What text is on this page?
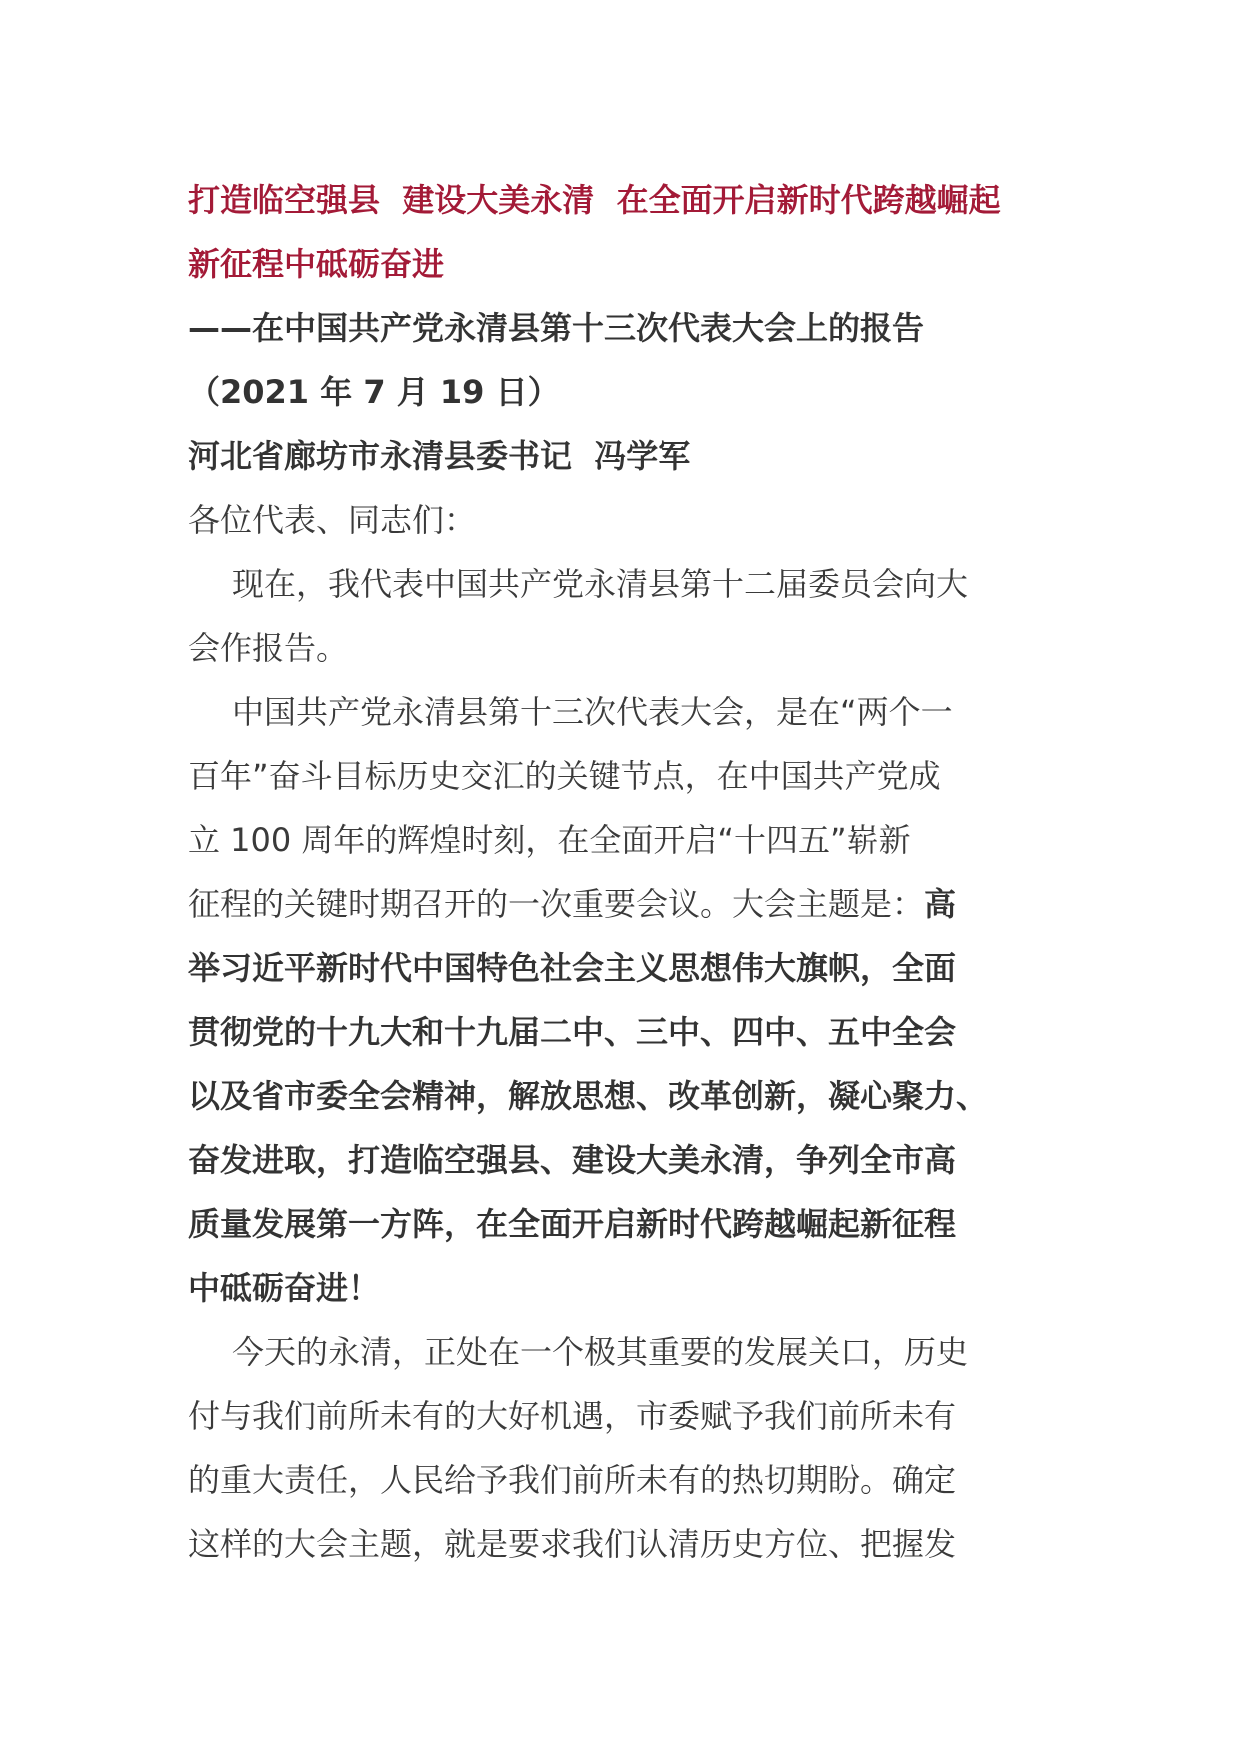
打造临空强县  建设大美永清  在全面开启新时代跨越崛起
新征程中砥砺奋进

——在中国共产党永清县第十三次代表大会上的报告

（2021 年 7 月 19 日）

河北省廊坊市永清县委书记  冯学军

各位代表、同志们：

现在，我代表中国共产党永清县第十二届委员会向大
会作报告。

中国共产党永清县第十三次代表大会，是在“两个一
百年”奋斗目标历史交汇的关键节点，在中国共产党成
立 100 周年的辉煌时刻，在全面开启“十四五”崭新
征程的关键时期召开的一次重要会议。大会主题是：高
举习近平新时代中国特色社会主义思想伟大旗帜，全面
贯彻党的十九大和十九届二中、三中、四中、五中全会
以及省市委全会精神，解放思想、改革创新，凝心聚力、
奋发进取，打造临空强县、建设大美永清，争列全市高
质量发展第一方阵，在全面开启新时代跨越崛起新征程
中砥砺奋进！

今天的永清，正处在一个极其重要的发展关口，历史
付与我们前所未有的大好机遇，市委赋予我们前所未有
的重大责任，人民给予我们前所未有的热切期盼。确定
这样的大会主题，就是要求我们认清历史方位、把握发
